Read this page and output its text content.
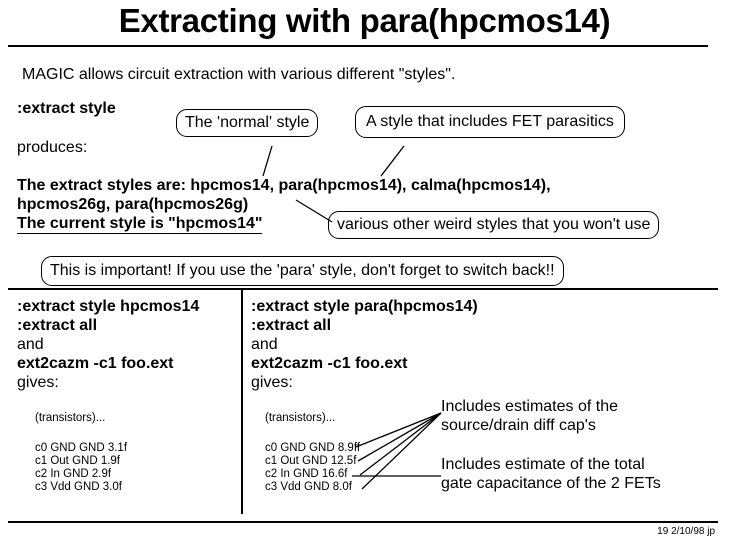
Extracting with para(hpcmos14)
MAGIC allows circuit extraction with various different "styles".
:extract style
produces:
The extract styles are: hpcmos14, para(hpcmos14), calma(hpcmos14),
hpcmos26g, para(hpcmos26g)
The current style is "hpcmos14"
The 'normal' style	A style that includes FET parasitics
various other weird styles that you won't use
This is important! If you use the 'para' style, don't forget to switch back!!
:extract style hpcmos14
:extract all
and
ext2cazm -c1 foo.ext
gives:
(transistors)...
c0 GND GND 3.1f
c1 Out GND 1.9f
c2 In GND 2.9f
c3 Vdd GND 3.0f
:extract style para(hpcmos14)
:extract all
and
ext2cazm -c1 foo.ext
gives:
(transistors)...
c0 GND GND 8.9ff
c1 Out GND 12.5f
c2 In GND 16.6f
c3 Vdd GND 8.0f
Includes estimates of the
source/drain diff cap's
Includes estimate of the total
gate capacitance of the 2 FETs
19 2/10/98 jp
